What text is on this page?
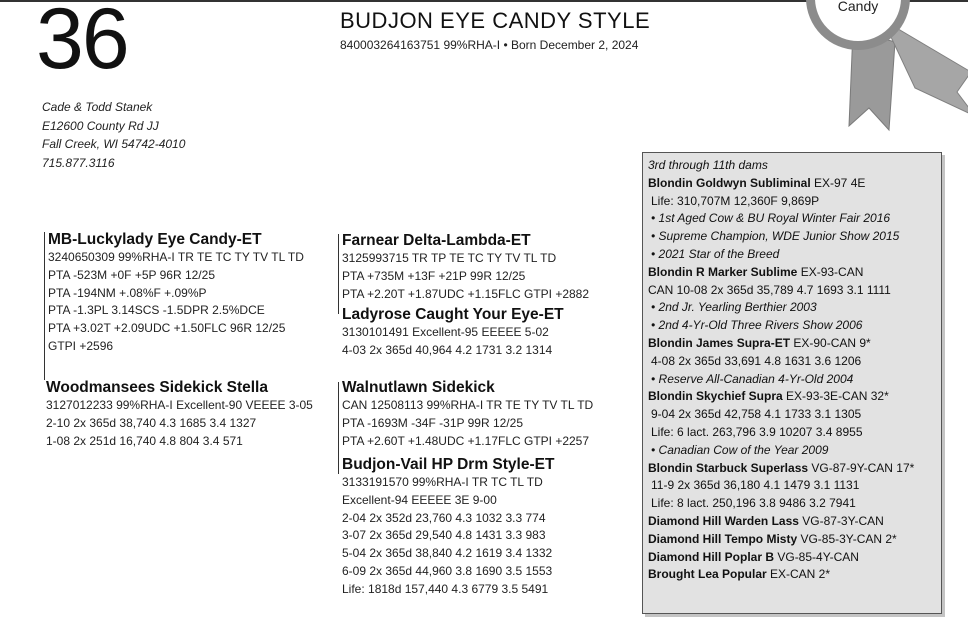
36	BUDJON EYE CANDY STYLE
840003264163751 99%RHA-I • Born December 2, 2024
Cade & Todd Stanek
E12600 County Rd JJ
Fall Creek, WI 54742-4010
715.877.3116
Candy
MB-Luckylady Eye Candy-ET
3240650309 99%RHA-I TR TE TC TY TV TL TD
PTA -523M +0F +5P 96R 12/25
PTA -194NM +.08%F +.09%P
PTA -1.3PL 3.14SCS -1.5DPR 2.5%DCE
PTA +3.02T +2.09UDC +1.50FLC 96R 12/25
GTPI +2596
Woodmansees Sidekick Stella
3127012233 99%RHA-I Excellent-90 VEEEE 3-05
2-10 2x 365d 38,740 4.3 1685 3.4 1327
1-08 2x 251d 16,740 4.8 804 3.4 571
Farnear Delta-Lambda-ET
3125993715 TR TP TE TC TY TV TL TD
PTA +735M +13F +21P 99R 12/25
PTA +2.20T +1.87UDC +1.15FLC GTPI +2882
Ladyrose Caught Your Eye-ET
3130101491 Excellent-95 EEEEE 5-02
4-03 2x 365d 40,964 4.2 1731 3.2 1314
Walnutlawn Sidekick
CAN 12508113 99%RHA-I TR TE TY TV TL TD
PTA -1693M -34F -31P 99R 12/25
PTA +2.60T +1.48UDC +1.17FLC GTPI +2257
Budjon-Vail HP Drm Style-ET
3133191570 99%RHA-I TR TC TL TD
Excellent-94 EEEEE 3E 9-00
2-04 2x 352d 23,760 4.3 1032 3.3 774
3-07 2x 365d 29,540 4.8 1431 3.3 983
5-04 2x 365d 38,840 4.2 1619 3.4 1332
6-09 2x 365d 44,960 3.8 1690 3.5 1553
Life: 1818d 157,440 4.3 6779 3.5 5491
3rd through 11th dams
Blondin Goldwyn Subliminal EX-97 4E
Life: 310,707M 12,360F 9,869P
• 1st Aged Cow & BU Royal Winter Fair 2016
• Supreme Champion, WDE Junior Show 2015
• 2021 Star of the Breed
Blondin R Marker Sublime EX-93-CAN
CAN 10-08 2x 365d 35,789 4.7 1693 3.1 1111
• 2nd Jr. Yearling Berthier 2003
• 2nd 4-Yr-Old Three Rivers Show 2006
Blondin James Supra-ET EX-90-CAN 9*
4-08 2x 365d 33,691 4.8 1631 3.6 1206
• Reserve All-Canadian 4-Yr-Old 2004
Blondin Skychief Supra EX-93-3E-CAN 32*
9-04 2x 365d 42,758 4.1 1733 3.1 1305
Life: 6 lact. 263,796 3.9 10207 3.4 8955
• Canadian Cow of the Year 2009
Blondin Starbuck Superlass VG-87-9Y-CAN 17*
11-9 2x 365d 36,180 4.1 1479 3.1 1131
Life: 8 lact. 250,196 3.8 9486 3.2 7941
Diamond Hill Warden Lass VG-87-3Y-CAN
Diamond Hill Tempo Misty VG-85-3Y-CAN 2*
Diamond Hill Poplar B VG-85-4Y-CAN
Brought Lea Popular EX-CAN 2*
